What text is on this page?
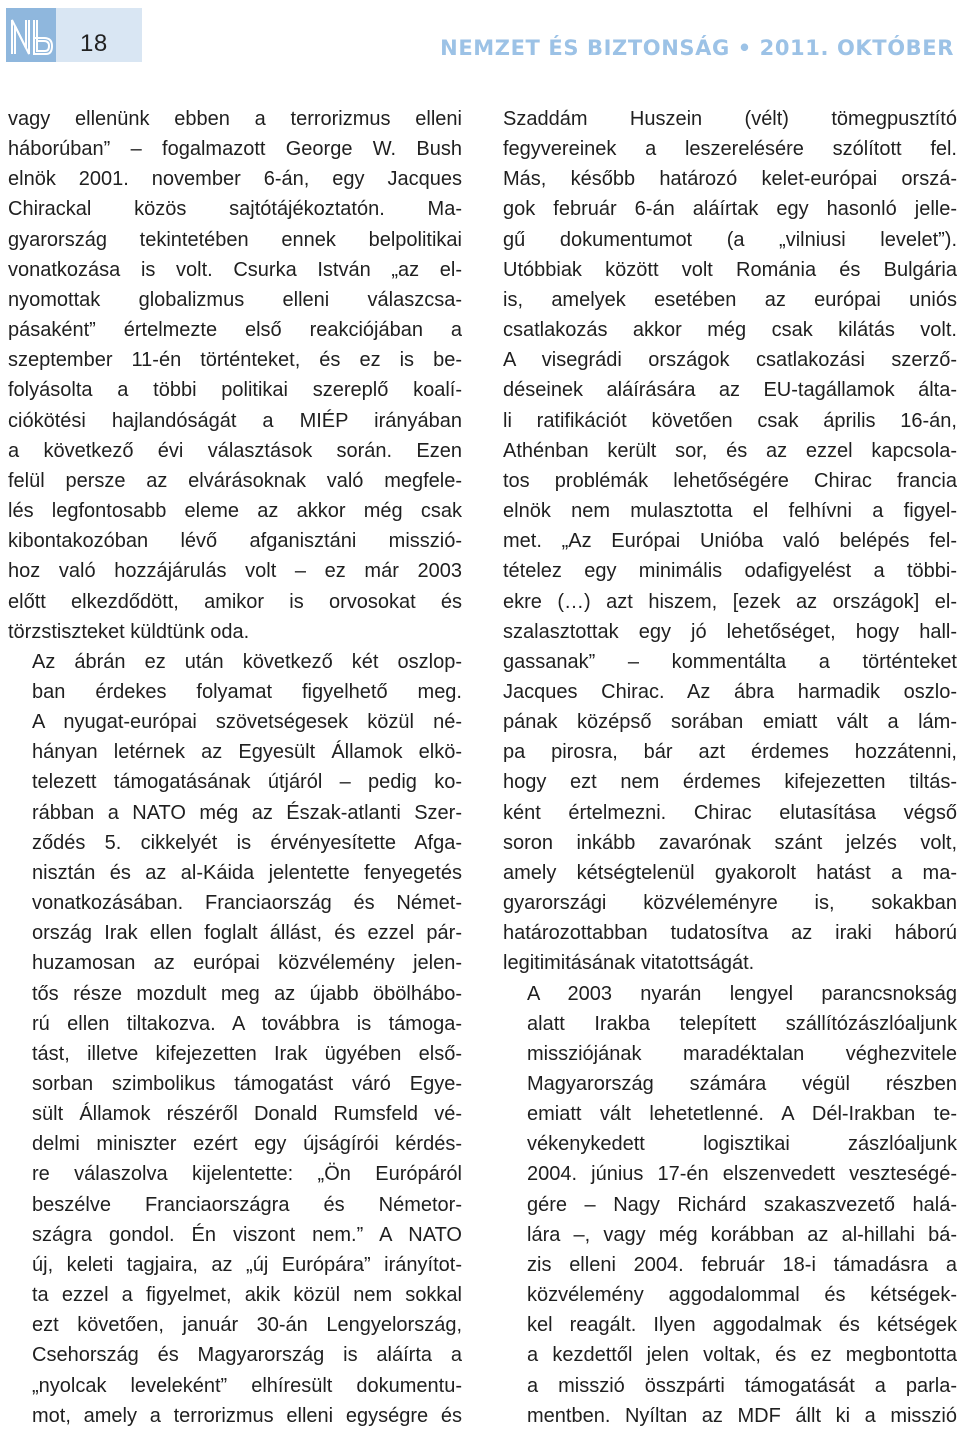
18	NEMZET ÉS BIZTONSÁG • 2011. OKTÓBER

vagy ellenünk ebben a terrorizmus elleni
háborúban” – fogalmazott George W. Bush
elnök 2001. november 6-án, egy Jacques
Chirackal közös sajtótájékoztatón. Ma-
gyarország tekintetében ennek belpolitikai
vonatkozása is volt. Csurka István „az el-
nyomottak globalizmus elleni válaszcsa-
pásaként” értelmezte első reakciójában a
szeptember 11-én történteket, és ez is be-
folyásolta a többi politikai szereplő koalí-
ciókötési hajlandóságát a MIÉP irányában
a következő évi választások során. Ezen
felül persze az elvárásoknak való megfele-
lés legfontosabb eleme az akkor még csak
kibontakozóban lévő afganisztáni misszió-
hoz való hozzájárulás volt – ez már 2003
előtt elkezdődött, amikor is orvosokat és
törzstiszteket küldtünk oda.

Az ábrán ez után következő két oszlop-
ban érdekes folyamat figyelhető meg.
A nyugat-európai szövetségesek közül né-
hányan letérnek az Egyesült Államok elkö-
telezett támogatásának útjáról – pedig ko-
rábban a NATO még az Észak-atlanti Szer-
ződés 5. cikkelyét is érvényesítette Afga-
nisztán és az al-Káida jelentette fenyegetés
vonatkozásában. Franciaország és Német-
ország Irak ellen foglalt állást, és ezzel pár-
huzamosan az európai közvélemény jelen-
tős része mozdult meg az újabb öbölhábo-
rú ellen tiltakozva. A továbbra is támoga-
tást, illetve kifejezetten Irak ügyében első-
sorban szimbolikus támogatást váró Egye-
sült Államok részéről Donald Rumsfeld vé-
delmi miniszter ezért egy újságírói kérdés-
re válaszolva kijelentette: „Ön Európáról
beszélve Franciaországra és Németor-
szágra gondol. Én viszont nem.” A NATO
új, keleti tagjaira, az „új Európára” irányítot-
ta ezzel a figyelmet, akik közül nem sokkal
ezt követően, január 30-án Lengyelország,
Csehország és Magyarország is aláírta a
„nyolcak leveleként” elhíresült dokumentu-
mot, amely a terrorizmus elleni egységre és

Szaddám Huszein (vélt) tömegpusztító
fegyvereinek a leszerelésére szólított fel.
Más, később határozó kelet-európai orszá-
gok február 6-án aláírtak egy hasonló jelle-
gű dokumentumot (a „vilniusi levelet”).
Utóbbiak között volt Románia és Bulgária
is, amelyek esetében az európai uniós
csatlakozás akkor még csak kilátás volt.
A visegrádi országok csatlakozási szerző-
déseinek aláírására az EU-tagállamok álta-
li ratifikációt követően csak április 16-án,
Athénban került sor, és az ezzel kapcsola-
tos problémák lehetőségére Chirac francia
elnök nem mulasztotta el felhívni a figyel-
met. „Az Európai Unióba való belépés fel-
tételez egy minimális odafigyelést a többi-
ekre (…) azt hiszem, [ezek az országok] el-
szalasztottak egy jó lehetőséget, hogy hall-
gassanak” – kommentálta a történteket
Jacques Chirac. Az ábra harmadik oszlo-
pának középső sorában emiatt vált a lám-
pa pirosra, bár azt érdemes hozzátenni,
hogy ezt nem érdemes kifejezetten tiltás-
ként értelmezni. Chirac elutasítása végső
soron inkább zavarónak szánt jelzés volt,
amely kétségtelenül gyakorolt hatást a ma-
gyarországi közvéleményre is, sokakban
határozottabban tudatosítva az iraki háború
legitimitásának vitatottságát.

A 2003 nyarán lengyel parancsnokság
alatt Irakba telepített szállítózászlóaljunk
missziójának maradéktalan véghezvitele
Magyarország számára végül részben
emiatt vált lehetetlenné. A Dél-Irakban te-
vékenykedett logisztikai zászlóaljunk
2004. június 17-én elszenvedett veszteségé-
gére – Nagy Richárd szakaszvezető halá-
lára –, vagy még korábban az al-hillahi bá-
zis elleni 2004. február 18-i támadásra a
közvélemény aggodalommal és kétségek-
kel reagált. Ilyen aggodalmak és kétségek
a kezdettől jelen voltak, és ez megbontotta
a misszió összpárti támogatását a parla-
mentben. Nyíltan az MDF állt ki a misszió
